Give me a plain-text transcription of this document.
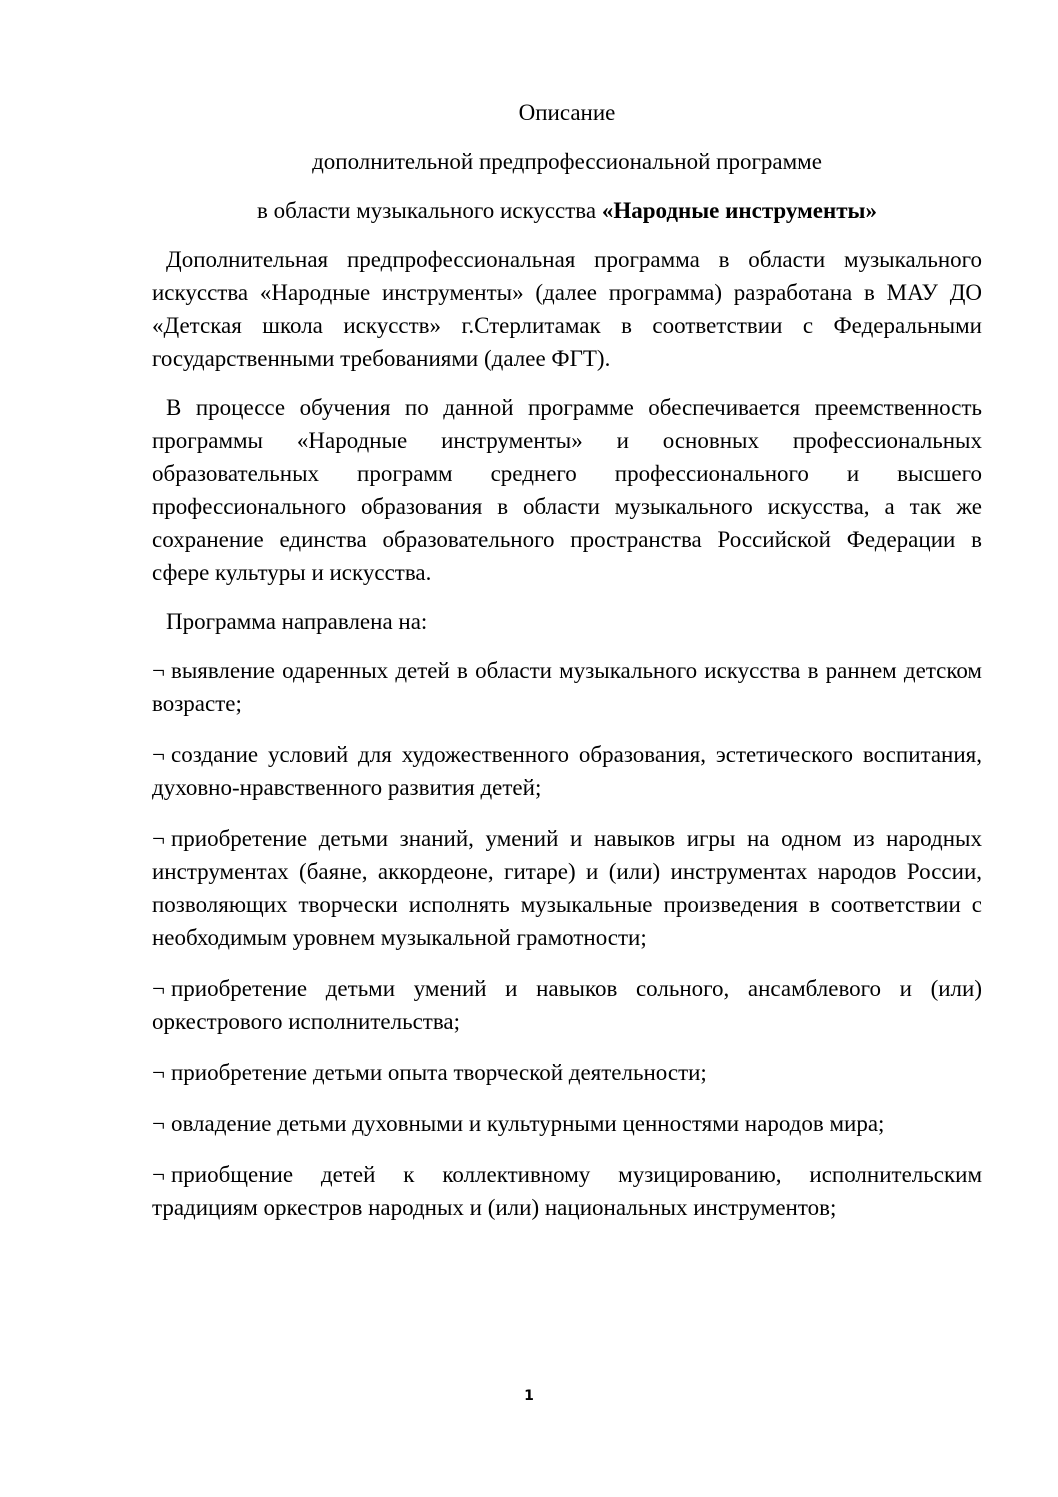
Описание
дополнительной предпрофессиональной программе
в области музыкального искусства «Народные инструменты»

Дополнительная предпрофессиональная программа в области музыкального искусства «Народные инструменты» (далее программа) разработана в МАУ ДО «Детская школа искусств» г.Стерлитамак в соответствии с Федеральными государственными требованиями (далее ФГТ).

В процессе обучения по данной программе обеспечивается преемственность программы «Народные инструменты» и основных профессиональных образовательных программ среднего профессионального и высшего профессионального образования в области музыкального искусства, а так же сохранение единства образовательного пространства Российской Федерации в сфере культуры и искусства.

Программа направлена на:

¬ выявление одаренных детей в области музыкального искусства в раннем детском возрасте;

¬ создание условий для художественного образования, эстетического воспитания, духовно-нравственного развития детей;

¬ приобретение детьми знаний, умений и навыков игры на одном из народных инструментах (баяне, аккордеоне, гитаре) и (или) инструментах народов России, позволяющих творчески исполнять музыкальные произведения в соответствии с необходимым уровнем музыкальной грамотности;

¬ приобретение детьми умений и навыков сольного, ансамблевого и (или) оркестрового исполнительства;

¬ приобретение детьми опыта творческой деятельности;

¬ овладение детьми духовными и культурными ценностями народов мира;

¬ приобщение детей к коллективному музицированию, исполнительским традициям оркестров народных и (или) национальных инструментов;

1
